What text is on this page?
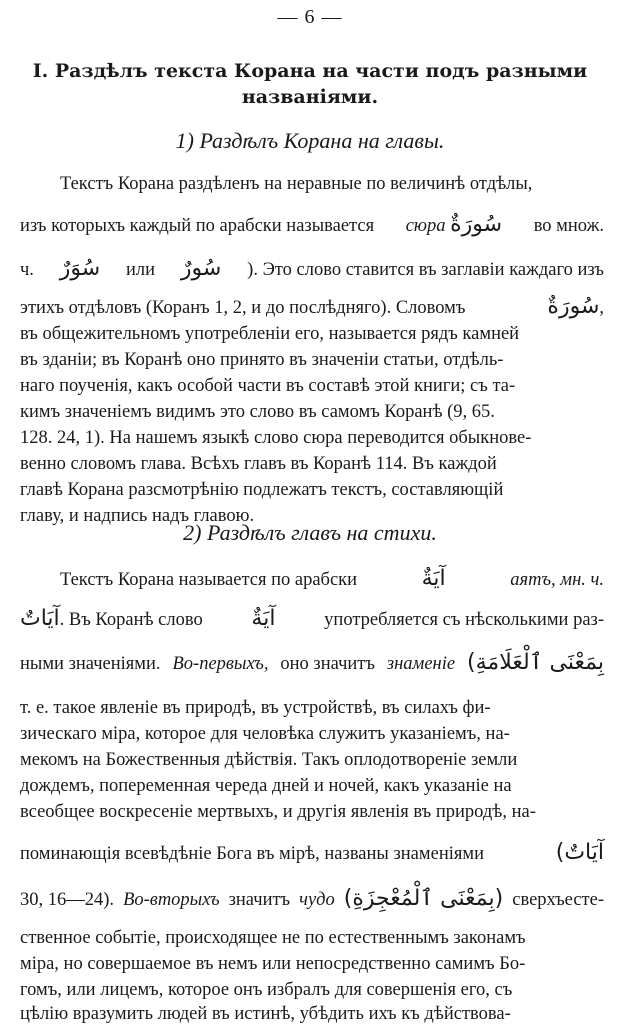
— 6 —
I. Раздѣлъ текста Корана на части подъ разными
названіями.
1) Раздѣлъ Корана на главы.
Текстъ Корана раздѣленъ на неравные по величинѣ отдѣлы,
изъ которыхъ каждый по арабски называется сюра سُورَةٌ во множ.
ч. سُوَرٌ или سُورٌ ). Это слово ставится въ заглавіи каждаго изъ
этихъ отдѣловъ (Коранъ 1, 2, и до послѣдняго). Словомъ	سُورَةٌ,
въ общежительномъ употребленіи его, называется рядъ камней
въ зданіи; въ Коранѣ оно принято въ значеніи статьи, отдѣль-
наго поученія, какъ особой части въ составѣ этой книги; съ та-
кимъ значеніемъ видимъ это слово въ самомъ Коранѣ (9, 65.
128. 24, 1). На нашемъ языкѣ слово сюра переводится обыкнове-
венно словомъ глава. Всѣхъ главъ въ Коранѣ 114. Въ каждой
главѣ Корана разсмотрѣнію подлежатъ текстъ, составляющій
главу, и надпись надъ главою.
2) Раздѣлъ главъ на стихи.
Текстъ Корана называется по арабски	آيَةٌ	аятъ, мн. ч.
آيَاتٌ. Въ Коранѣ слово آيَةٌ	употребляется съ нѣсколькими раз-
ными значеніями. Во-первыхъ, оно значитъ знаменіе (بِمَعْنَى ٱلْعَلَامَةِ
т. е. такое явленіе въ природѣ, въ устройствѣ, въ силахъ фи-
зическаго міра, которое для человѣка служитъ указаніемъ, на-
мекомъ на Божественныя дѣйствія. Такъ оплодотвореніе земли
дождемъ, попеременная череда дней и ночей, какъ указаніе на
всеобщее воскресеніе мертвыхъ, и другія явленія въ природѣ, на-
поминающія всевѣдѣніе Бога въ мірѣ, названы знаменіями	(آيَاتٌ
30, 16—24). Во-вторыхъ значитъ чудо (بِمَعْنَى ٱلْمُعْجِزَةِ) сверхъесте-
ственное событіе, происходящее не по естественнымъ законамъ
міра, но совершаемое въ немъ или непосредственно самимъ Бо-
гомъ, или лицемъ, которое онъ избралъ для совершенія его, съ
цѣлію вразумить людей въ истинѣ, убѣдить ихъ къ дѣйствова-
